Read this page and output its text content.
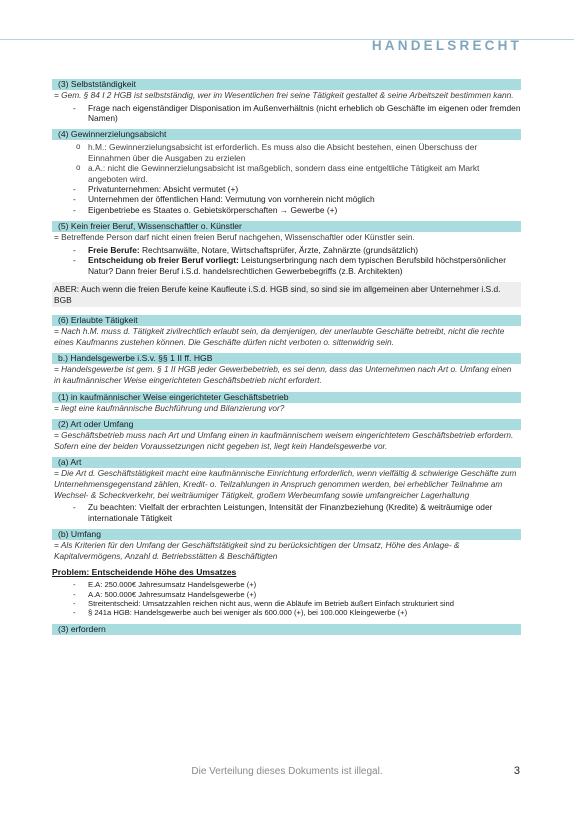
HANDELSRECHT
(3) Selbstständigkeit
= Gem. § 84 I 2 HGB ist selbstständig, wer im Wesentlichen frei seine Tätigkeit gestaltet & seine Arbeitszeit bestimmen kann.
- Frage nach eigenständiger Disponisation im Außenverhältnis (nicht erheblich ob Geschäfte im eigenen oder fremden Namen)
(4) Gewinnerzielungsabsicht
o h.M.: Gewinnerzielungsabsicht ist erforderlich. Es muss also die Absicht bestehen, einen Überschuss der Einnahmen über die Ausgaben zu erzielen
o a.A.: nicht die Gewinnerzielungsabsicht ist maßgeblich, sondern dass eine entgeltliche Tätigkeit am Markt angeboten wird.
- Privatunternehmen: Absicht vermutet (+)
- Unternehmen der öffentlichen Hand: Vermutung von vornherein nicht möglich
- Eigenbetriebe es Staates o. Gebietskörperschaften → Gewerbe (+)
(5) Kein freier Beruf, Wissenschaftler o. Künstler
= Betreffende Person darf nicht einen freien Beruf nachgehen, Wissenschaftler oder Künstler sein.
- Freie Berufe: Rechtsanwälte, Notare, Wirtschaftsprüfer, Ärzte, Zahnärzte (grundsätzlich)
- Entscheidung ob freier Beruf vorliegt: Leistungserbringung nach dem typischen Berufsbild höchstpersönlicher Natur? Dann freier Beruf i.S.d. handelsrechtlichen Gewerbebegriffs (z.B. Architekten)
ABER: Auch wenn die freien Berufe keine Kaufleute i.S.d. HGB sind, so sind sie im allgemeinen aber Unternehmer i.S.d. BGB
(6) Erlaubte Tätigkeit
= Nach h.M. muss d. Tätigkeit zivilrechtlich erlaubt sein, da demjenigen, der unerlaubte Geschäfte betreibt, nicht die rechte eines Kaufmanns zustehen können. Die Geschäfte dürfen nicht verboten o. sittenwidrig sein.
b.) Handelsgewerbe i.S.v. §§ 1 II ff. HGB
= Handelsgewerbe ist gem. § 1 II HGB jeder Gewerbebetrieb, es sei denn, dass das Unternehmen nach Art o. Umfang einen in kaufmännischer Weise eingerichteten Geschäftsbetrieb nicht erfordert.
(1) in kaufmännischer Weise eingerichteter Geschäftsbetrieb
= liegt eine kaufmännische Buchführung und Bilanzierung vor?
(2) Art oder Umfang
= Geschäftsbetrieb muss nach Art und Umfang einen in kaufmännischem weisem eingerichtetem Geschäftsbetrieb erfordern. Sofern eine der beiden Voraussetzungen nicht gegeben ist, liegt kein Handelsgewerbe vor.
(a) Art
= Die Art d. Geschäftstätigkeit macht eine kaufmännische Einrichtung erforderlich, wenn vielfältig & schwierige Geschäfte zum Unternehmensgegenstand zählen, Kredit- o. Teilzahlungen in Anspruch genommen werden, bei erheblicher Teilnahme am Wechsel- & Scheckverkehr, bei weiträumiger Tätigkeit, großem Werbeumfang sowie umfangreicher Lagerhaltung
- Zu beachten: Vielfalt der erbrachten Leistungen, Intensität der Finanzbeziehung (Kredite) & weiträumige oder internationale Tätigkeit
(b) Umfang
= Als Kriterien für den Umfang der Geschäftstätigkeit sind zu berücksichtigen der Umsatz, Höhe des Anlage- & Kapitalvermögens, Anzahl d. Betriebsstätten & Beschäftigten
Problem: Entscheidende Höhe des Umsatzes
- E.A: 250.000€ Jahresumsatz Handelsgewerbe (+)
- A.A: 500.000€ Jahresumsatz Handelsgewerbe (+)
- Streitentscheid: Umsatzzahlen reichen nicht aus, wenn die Abläufe im Betrieb äußert Einfach strukturiert sind
- § 241a HGB: Handelsgewerbe auch bei weniger als 600.000 (+), bei 100.000 Kleingewerbe (+)
(3) erfordern
Die Verteilung dieses Dokuments ist illegal.	3
